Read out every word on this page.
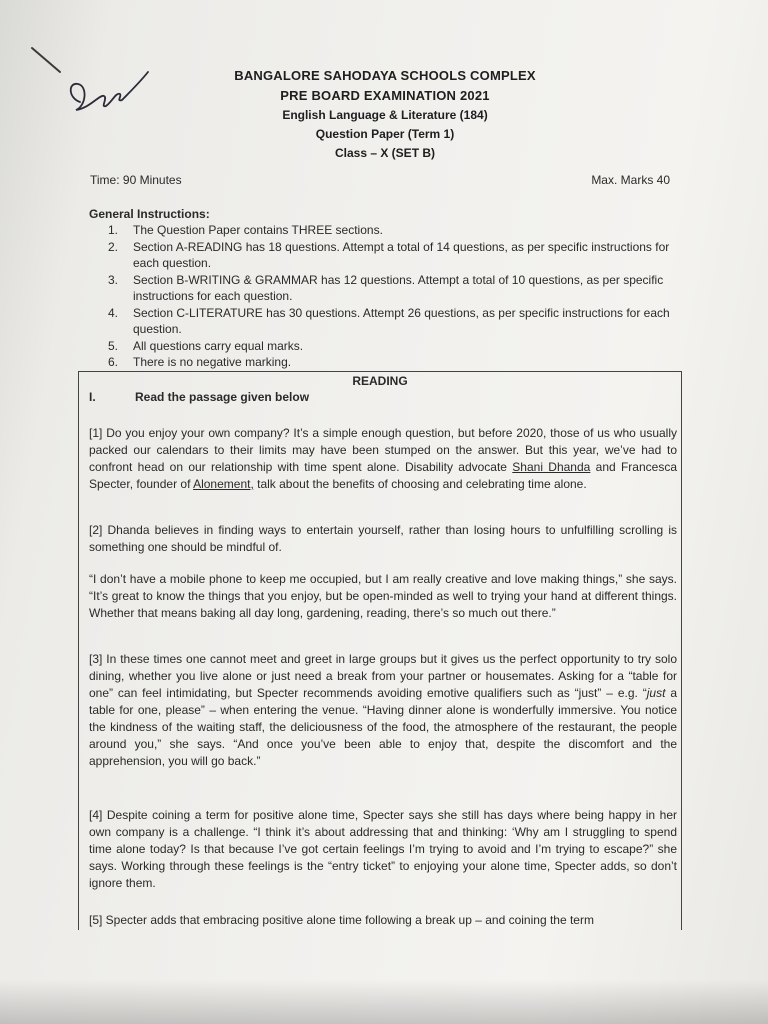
BANGALORE SAHODAYA SCHOOLS COMPLEX
PRE BOARD EXAMINATION 2021
English Language & Literature (184)
Question Paper (Term 1)
Class – X (SET B)
Time: 90 Minutes	Max. Marks 40
General Instructions:
1.	The Question Paper contains THREE sections.
2.	Section A-READING has 18 questions. Attempt a total of 14 questions, as per specific instructions for each question.
3.	Section B-WRITING & GRAMMAR has 12 questions. Attempt a total of 10 questions, as per specific instructions for each question.
4.	Section C-LITERATURE has 30 questions. Attempt 26 questions, as per specific instructions for each question.
5.	All questions carry equal marks.
6.	There is no negative marking.
READING
I.	Read the passage given below

[1] Do you enjoy your own company? It’s a simple enough question, but before 2020, those of us who usually packed our calendars to their limits may have been stumped on the answer. But this year, we’ve had to confront head on our relationship with time spent alone. Disability advocate Shani Dhanda and Francesca Specter, founder of Alonement, talk about the benefits of choosing and celebrating time alone.

[2] Dhanda believes in finding ways to entertain yourself, rather than losing hours to unfulfilling scrolling is something one should be mindful of.

“I don’t have a mobile phone to keep me occupied, but I am really creative and love making things,” she says. “It’s great to know the things that you enjoy, but be open-minded as well to trying your hand at different things. Whether that means baking all day long, gardening, reading, there’s so much out there.”

[3] In these times one cannot meet and greet in large groups but it gives us the perfect opportunity to try solo dining, whether you live alone or just need a break from your partner or housemates. Asking for a “table for one” can feel intimidating, but Specter recommends avoiding emotive qualifiers such as “just” – e.g. “just a table for one, please” – when entering the venue. “Having dinner alone is wonderfully immersive. You notice the kindness of the waiting staff, the deliciousness of the food, the atmosphere of the restaurant, the people around you,” she says. “And once you’ve been able to enjoy that, despite the discomfort and the apprehension, you will go back.”

[4] Despite coining a term for positive alone time, Specter says she still has days where being happy in her own company is a challenge. “I think it’s about addressing that and thinking: ‘Why am I struggling to spend time alone today? Is that because I’ve got certain feelings I’m trying to avoid and I’m trying to escape?” she says. Working through these feelings is the “entry ticket” to enjoying your alone time, Specter adds, so don’t ignore them.

[5] Specter adds that embracing positive alone time following a break up – and coining the term
